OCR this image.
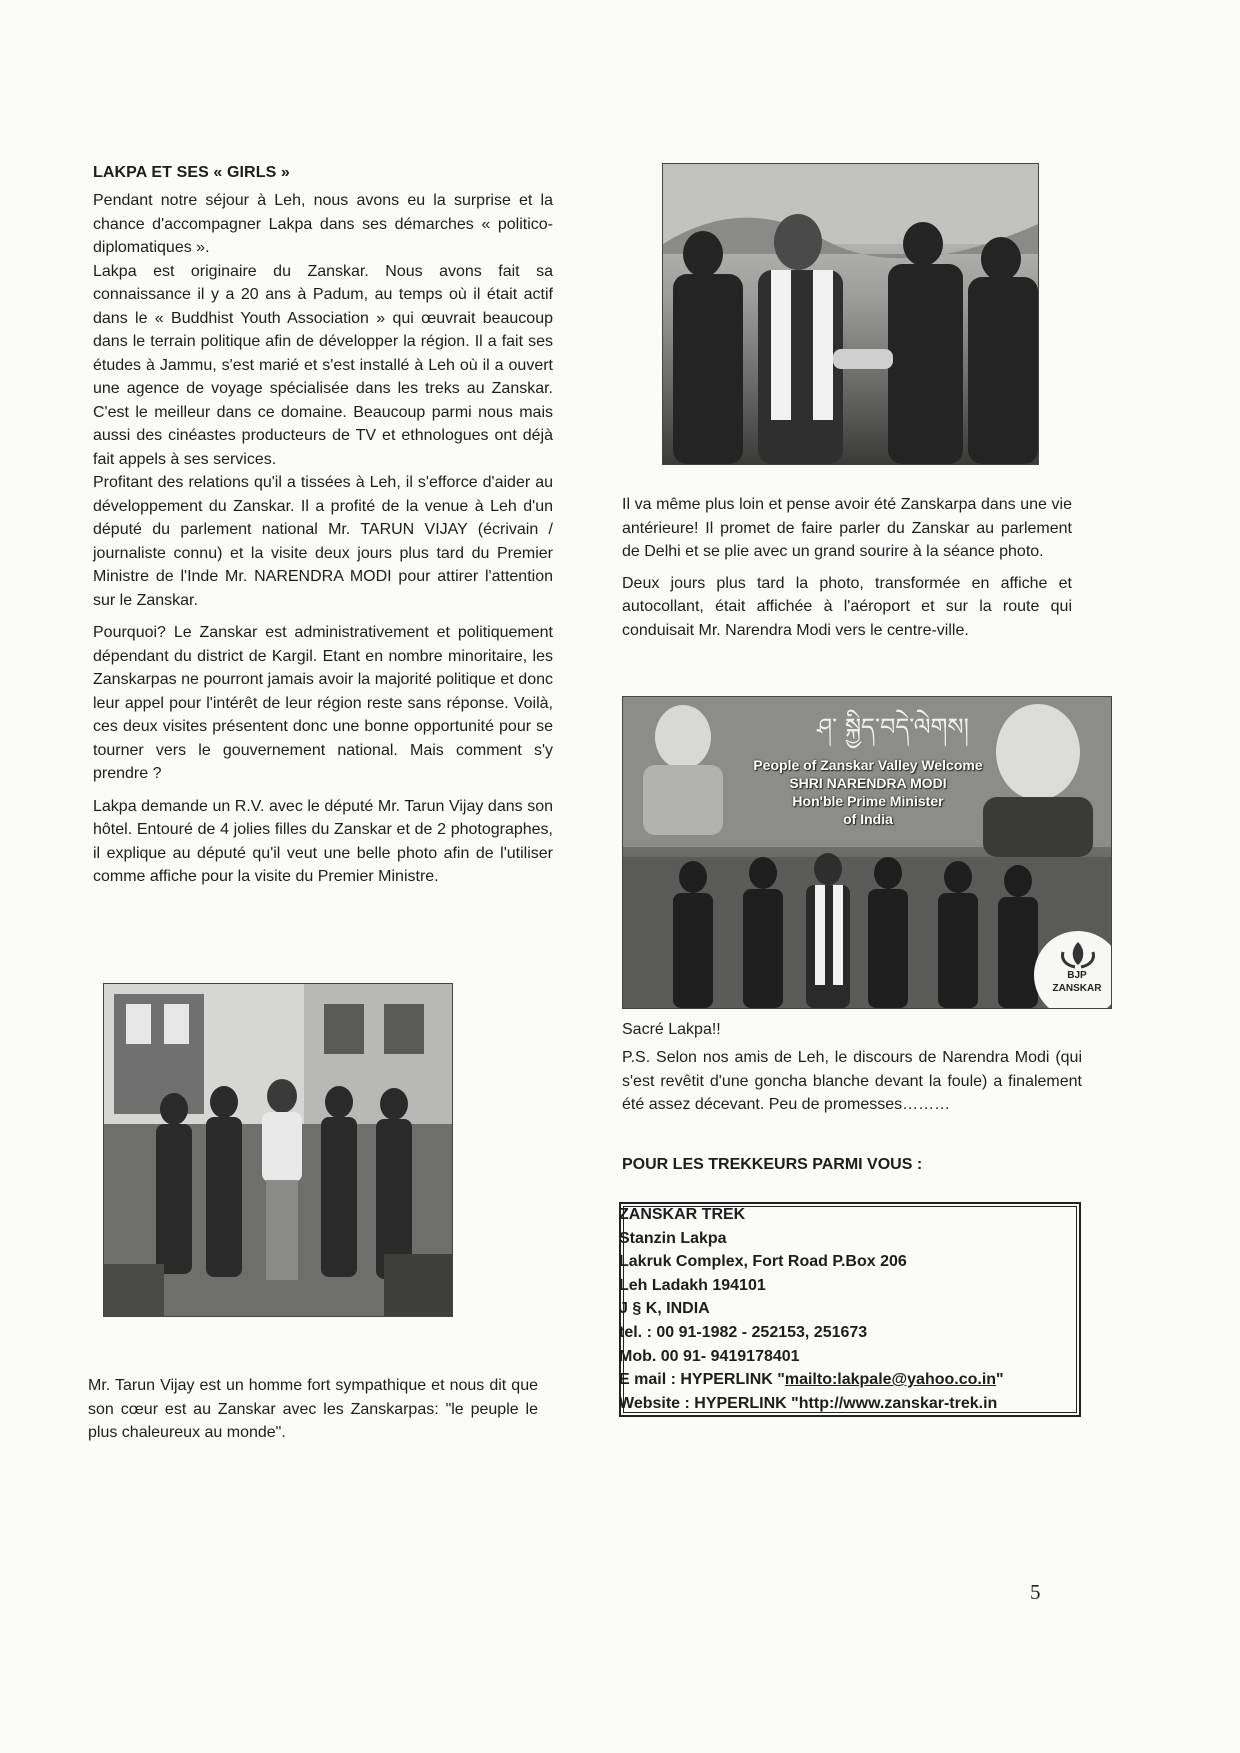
LAKPA ET SES « GIRLS »

Pendant notre séjour à Leh, nous avons eu la surprise et la chance d'accompagner Lakpa dans ses démarches « politico-diplomatiques ».

Lakpa est originaire du Zanskar. Nous avons fait sa connaissance il y a 20 ans à Padum, au temps où il était actif dans le « Buddhist Youth Association » qui œuvrait beaucoup dans le terrain politique afin de développer la région. Il a fait ses études à Jammu, s'est marié et s'est installé à Leh où il a ouvert une agence de voyage spécialisée dans les treks au Zanskar. C'est le meilleur dans ce domaine. Beaucoup parmi nous mais aussi des cinéastes producteurs de TV et ethnologues ont déjà fait appels à ses services.

Profitant des relations qu'il a tissées à Leh, il s'efforce d'aider au développement du Zanskar. Il a profité de la venue à Leh d'un député du parlement national Mr. TARUN VIJAY (écrivain / journaliste connu) et la visite deux jours plus tard du Premier Ministre de l'Inde Mr. NARENDRA MODI pour attirer l'attention sur le Zanskar.

Pourquoi? Le Zanskar est administrativement et politiquement dépendant du district de Kargil. Etant en nombre minoritaire, les Zanskarpas ne pourront jamais avoir la majorité politique et donc leur appel pour l'intérêt de leur région reste sans réponse. Voilà, ces deux visites présentent donc une bonne opportunité pour se tourner vers le gouvernement national. Mais comment s'y prendre ?

Lakpa demande un R.V. avec le député Mr. Tarun Vijay dans son hôtel. Entouré de 4 jolies filles du Zanskar et de 2 photographes, il explique au député qu'il veut une belle photo afin de l'utiliser comme affiche pour la visite du Premier Ministre.

Mr. Tarun Vijay est un homme fort sympathique et nous dit que son cœur est au Zanskar avec les Zanskarpas: "le peuple le plus chaleureux au monde".

Il va même plus loin et pense avoir été Zanskarpa dans une vie antérieure! Il promet de faire parler du Zanskar au parlement de Delhi et se plie avec un grand sourire à la séance photo.

Deux jours plus tard la photo, transformée en affiche et autocollant, était affichée à l'aéroport et sur la route qui conduisait Mr. Narendra Modi vers le centre-ville.

ཤ་ སྐྱིད་བདེ་ལེགས།
People of Zanskar Valley Welcome
SHRI NARENDRA MODI
Hon'ble Prime Minister
of India
BJP
ZANSKAR
Sacré Lakpa!!
P.S. Selon nos amis de Leh, le discours de Narendra Modi (qui s'est revêtit d'une goncha blanche devant la foule) a finalement été assez décevant. Peu de promesses………
POUR LES TREKKEURS PARMI VOUS :
ZANSKAR TREK
Stanzin Lakpa
Lakruk Complex, Fort Road P.Box 206
Leh Ladakh 194101
J § K, INDIA
tel. : 00 91-1982 - 252153, 251673
Mob. 00 91- 9419178401
E mail : HYPERLINK "mailto:lakpale@yahoo.co.in"
Website : HYPERLINK "http://www.zanskar-trek.in
5
